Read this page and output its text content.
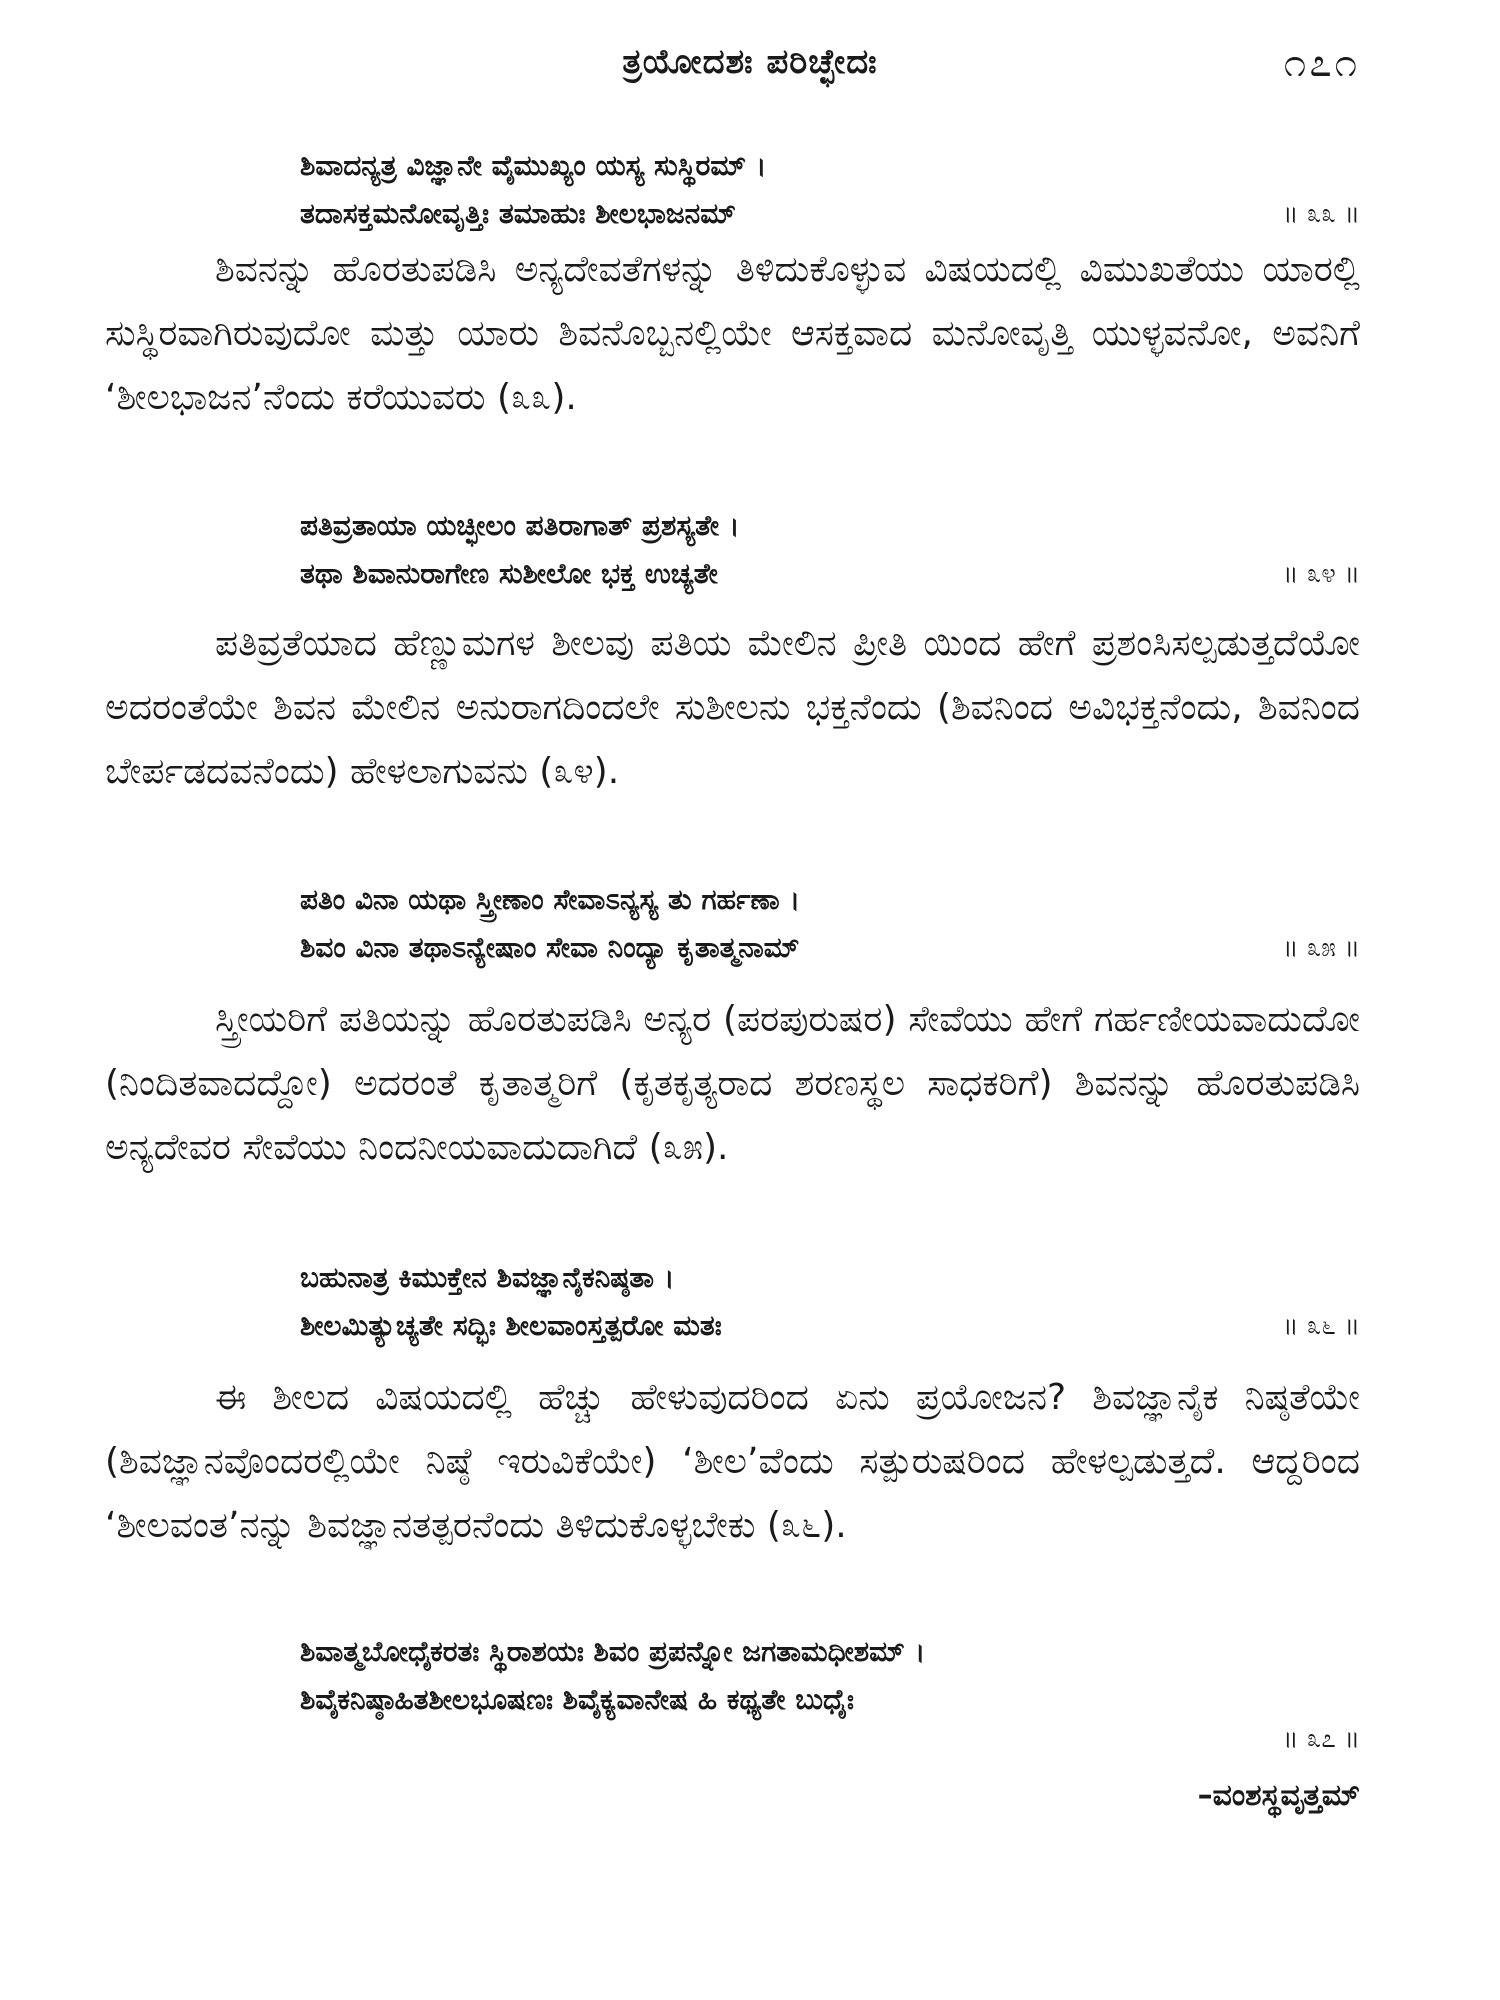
ತ್ರಯೋದಶಃ ಪರಿಚ್ಛೇದಃ	೧೭೧
ಶಿವಾದನ್ಯತ್ರ ವಿಜ್ಞಾನೇ ವೈಮುಖ್ಯಂ ಯಸ್ಯ ಸುಸ್ಥಿರಮ್ ।
ತದಾಸಕ್ತಮನೋವೃತ್ತಿಃ ತಮಾಹುಃ ಶೀಲಭಾಜನಮ್	॥ ೩೩ ॥

ಶಿವನನ್ನು ಹೊರತುಪಡಿಸಿ ಅನ್ಯದೇವತೆಗಳನ್ನು ತಿಳಿದುಕೊಳ್ಳುವ ವಿಷಯದಲ್ಲಿ ವಿಮುಖತೆಯು ಯಾರಲ್ಲಿ ಸುಸ್ಥಿರವಾಗಿರುವುದೋ ಮತ್ತು ಯಾರು ಶಿವನೊಬ್ಬನಲ್ಲಿಯೇ ಆಸಕ್ತವಾದ ಮನೋವೃತ್ತಿ ಯುಳ್ಳವನೋ, ಅವನಿಗೆ ‘ಶೀಲಭಾಜನ’ನೆಂದು ಕರೆಯುವರು (೩೩).

ಪತಿವ್ರತಾಯಾ ಯಚ್ಛೀಲಂ ಪತಿರಾಗಾತ್ ಪ್ರಶಸ್ಯತೇ ।
ತಥಾ ಶಿವಾನುರಾಗೇಣ ಸುಶೀಲೋ ಭಕ್ತ ಉಚ್ಯತೇ	॥ ೩೪ ॥

ಪತಿವ್ರತೆಯಾದ ಹೆಣ್ಣುಮಗಳ ಶೀಲವು ಪತಿಯ ಮೇಲಿನ ಪ್ರೀತಿ ಯಿಂದ ಹೇಗೆ ಪ್ರಶಂಸಿಸಲ್ಪಡುತ್ತದೆಯೋ ಅದರಂತೆಯೇ ಶಿವನ ಮೇಲಿನ ಅನುರಾಗದಿಂದಲೇ ಸುಶೀಲನು ಭಕ್ತನೆಂದು (ಶಿವನಿಂದ ಅವಿಭಕ್ತನೆಂದು, ಶಿವನಿಂದ ಬೇರ್ಪಡದವನೆಂದು) ಹೇಳಲಾಗುವನು (೩೪).

ಪತಿಂ ವಿನಾ ಯಥಾ ಸ್ತ್ರೀಣಾಂ ಸೇವಾಽನ್ಯಸ್ಯ ತು ಗರ್ಹಣಾ ।
ಶಿವಂ ವಿನಾ ತಥಾಽನ್ಯೇಷಾಂ ಸೇವಾ ನಿಂದ್ಯಾ ಕೃತಾತ್ಮನಾಮ್	॥ ೩೫ ॥

ಸ್ತ್ರೀಯರಿಗೆ ಪತಿಯನ್ನು ಹೊರತುಪಡಿಸಿ ಅನ್ಯರ (ಪರಪುರುಷರ) ಸೇವೆಯು ಹೇಗೆ ಗರ್ಹಣೀಯವಾದುದೋ (ನಿಂದಿತವಾದದ್ದೋ) ಅದರಂತೆ ಕೃತಾತ್ಮರಿಗೆ (ಕೃತಕೃತ್ಯರಾದ ಶರಣಸ್ಥಲ ಸಾಧಕರಿಗೆ) ಶಿವನನ್ನು ಹೊರತುಪಡಿಸಿ ಅನ್ಯದೇವರ ಸೇವೆಯು ನಿಂದನೀಯವಾದುದಾಗಿದೆ (೩೫).

ಬಹುನಾತ್ರ ಕಿಮುಕ್ತೇನ ಶಿವಜ್ಞಾನೈಕನಿಷ್ಠತಾ ।
ಶೀಲಮಿತ್ಯುಚ್ಯತೇ ಸದ್ಭಿಃ ಶೀಲವಾಂಸ್ತತ್ಪರೋ ಮತಃ	॥ ೩೬ ॥

ಈ ಶೀಲದ ವಿಷಯದಲ್ಲಿ ಹೆಚ್ಚು ಹೇಳುವುದರಿಂದ ಏನು ಪ್ರಯೋಜನ? ಶಿವಜ್ಞಾನೈಕ ನಿಷ್ಠತೆಯೇ (ಶಿವಜ್ಞಾನವೊಂದರಲ್ಲಿಯೇ ನಿಷ್ಠೆ ಇರುವಿಕೆಯೇ) ‘ಶೀಲ’ವೆಂದು ಸತ್ಪುರುಷರಿಂದ ಹೇಳಲ್ಪಡುತ್ತದೆ. ಆದ್ದರಿಂದ ‘ಶೀಲವಂತ’ನನ್ನು ಶಿವಜ್ಞಾನತತ್ಪರನೆಂದು ತಿಳಿದುಕೊಳ್ಳಬೇಕು (೩೬).

ಶಿವಾತ್ಮಬೋಧೈಕರತಃ ಸ್ಥಿರಾಶಯಃ ಶಿವಂ ಪ್ರಪನ್ನೋ ಜಗತಾಮಧೀಶಮ್ ।
ಶಿವೈಕನಿಷ್ಠಾಹಿತಶೀಲಭೂಷಣಃ ಶಿವೈಕ್ಯವಾನೇಷ ಹಿ ಕಥ್ಯತೇ ಬುಧೈಃ
॥ ೩೭ ॥
–ವಂಶಸ್ಥವೃತ್ತಮ್
